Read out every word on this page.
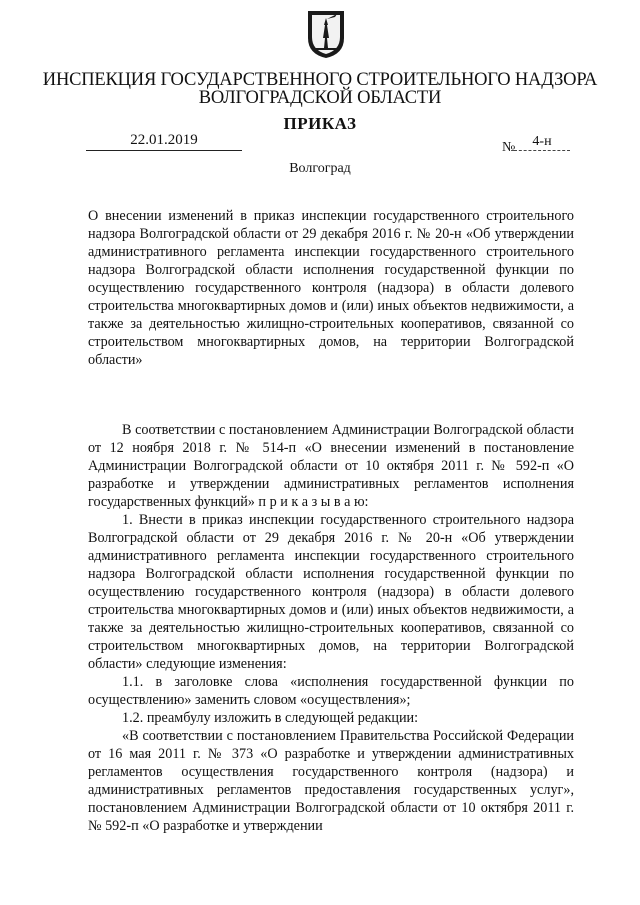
ИНСПЕКЦИЯ ГОСУДАРСТВЕННОГО СТРОИТЕЛЬНОГО НАДЗОРА
ВОЛГОГРАДСКОЙ ОБЛАСТИ
ПРИКАЗ
22.01.2019	№	4-н
Волгоград

О внесении изменений в приказ инспекции государственного строительного надзора Волгоградской области от 29 декабря 2016 г. № 20-н «Об утверждении административного регламента инспекции государственного строительного надзора Волгоградской области исполнения государственной функции по осуществлению государственного контроля (надзора) в области долевого строительства многоквартирных домов и (или) иных объектов недвижимости, а также за деятельностью жилищно-строительных кооперативов, связанной со строительством многоквартирных домов, на территории Волгоградской области»

В соответствии с постановлением Администрации Волгоградской области от 12 ноября 2018 г. № 514-п «О внесении изменений в постановление Администрации Волгоградской области от 10 октября 2011 г. № 592-п «О разработке и утверждении административных регламентов исполнения государственных функций» п р и к а з ы в а ю:

1. Внести в приказ инспекции государственного строительного надзора Волгоградской области от 29 декабря 2016 г. № 20-н «Об утверждении административного регламента инспекции государственного строительного надзора Волгоградской области исполнения государственной функции по осуществлению государственного контроля (надзора) в области долевого строительства многоквартирных домов и (или) иных объектов недвижимости, а также за деятельностью жилищно-строительных кооперативов, связанной со строительством многоквартирных домов, на территории Волгоградской области» следующие изменения:

1.1. в заголовке слова «исполнения государственной функции по осуществлению» заменить словом «осуществления»;

1.2. преамбулу изложить в следующей редакции:

«В соответствии с постановлением Правительства Российской Федерации от 16 мая 2011 г. № 373 «О разработке и утверждении административных регламентов осуществления государственного контроля (надзора) и административных регламентов предоставления государственных услуг», постановлением Администрации Волгоградской области от 10 октября 2011 г. № 592-п «О разработке и утверждении
